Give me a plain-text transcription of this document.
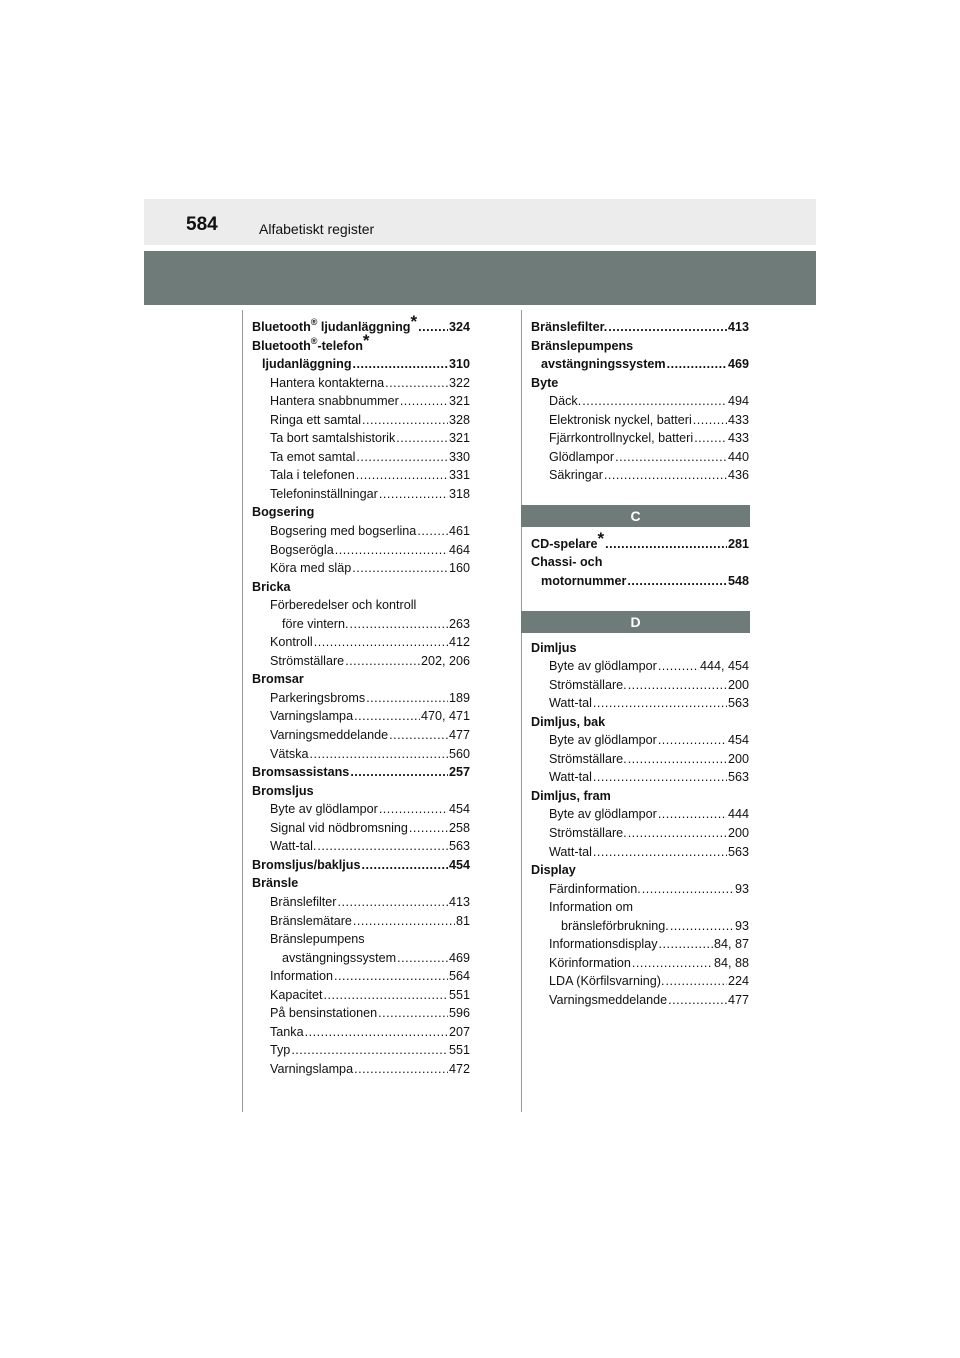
584	Alfabetiskt register
Bluetooth® ljudanläggning* .....	324
Bluetooth®-telefon*
ljudanläggning .....	310
Hantera kontakterna .....	322
Hantera snabbnummer .....	321
Ringa ett samtal .....	328
Ta bort samtalshistorik .....	321
Ta emot samtal .....	330
Tala i telefonen .....	331
Telefoninställningar .....	318
Bogsering
Bogsering med bogserlina .....	461
Bogserögla .....	464
Köra med släp .....	160
Bricka
Förberedelser och kontroll
före vintern. .....	263
Kontroll .....	412
Strömställare .....	202, 206
Bromsar
Parkeringsbroms .....	189
Varningslampa .....	470, 471
Varningsmeddelande .....	477
Vätska .....	560
Bromsassistans .....	257
Bromsljus
Byte av glödlampor .....	454
Signal vid nödbromsning .....	258
Watt-tal. .....	563
Bromsljus/bakljus .....	454
Bränsle
Bränslefilter .....	413
Bränslemätare .....	81
Bränslepumpens
avstängningssystem .....	469
Information .....	564
Kapacitet .....	551
På bensinstationen .....	596
Tanka .....	207
Typ .....	551
Varningslampa .....	472
Bränslefilter. .....	413
Bränslepumpens
avstängningssystem .....	469
Byte
Däck. .....	494
Elektronisk nyckel, batteri .....	433
Fjärrkontrollnyckel, batteri .....	433
Glödlampor .....	440
Säkringar .....	436
C
CD-spelare* .....	281
Chassi- och
motornummer .....	548
D
Dimljus
Byte av glödlampor .....	444, 454
Strömställare. .....	200
Watt-tal .....	563
Dimljus, bak
Byte av glödlampor .....	454
Strömställare. .....	200
Watt-tal .....	563
Dimljus, fram
Byte av glödlampor .....	444
Strömställare. .....	200
Watt-tal .....	563
Display
Färdinformation. .....	93
Information om
bränsleförbrukning. .....	93
Informationsdisplay .....	84, 87
Körinformation .....	84, 88
LDA (Körfilsvarning). .....	224
Varningsmeddelande .....	477
